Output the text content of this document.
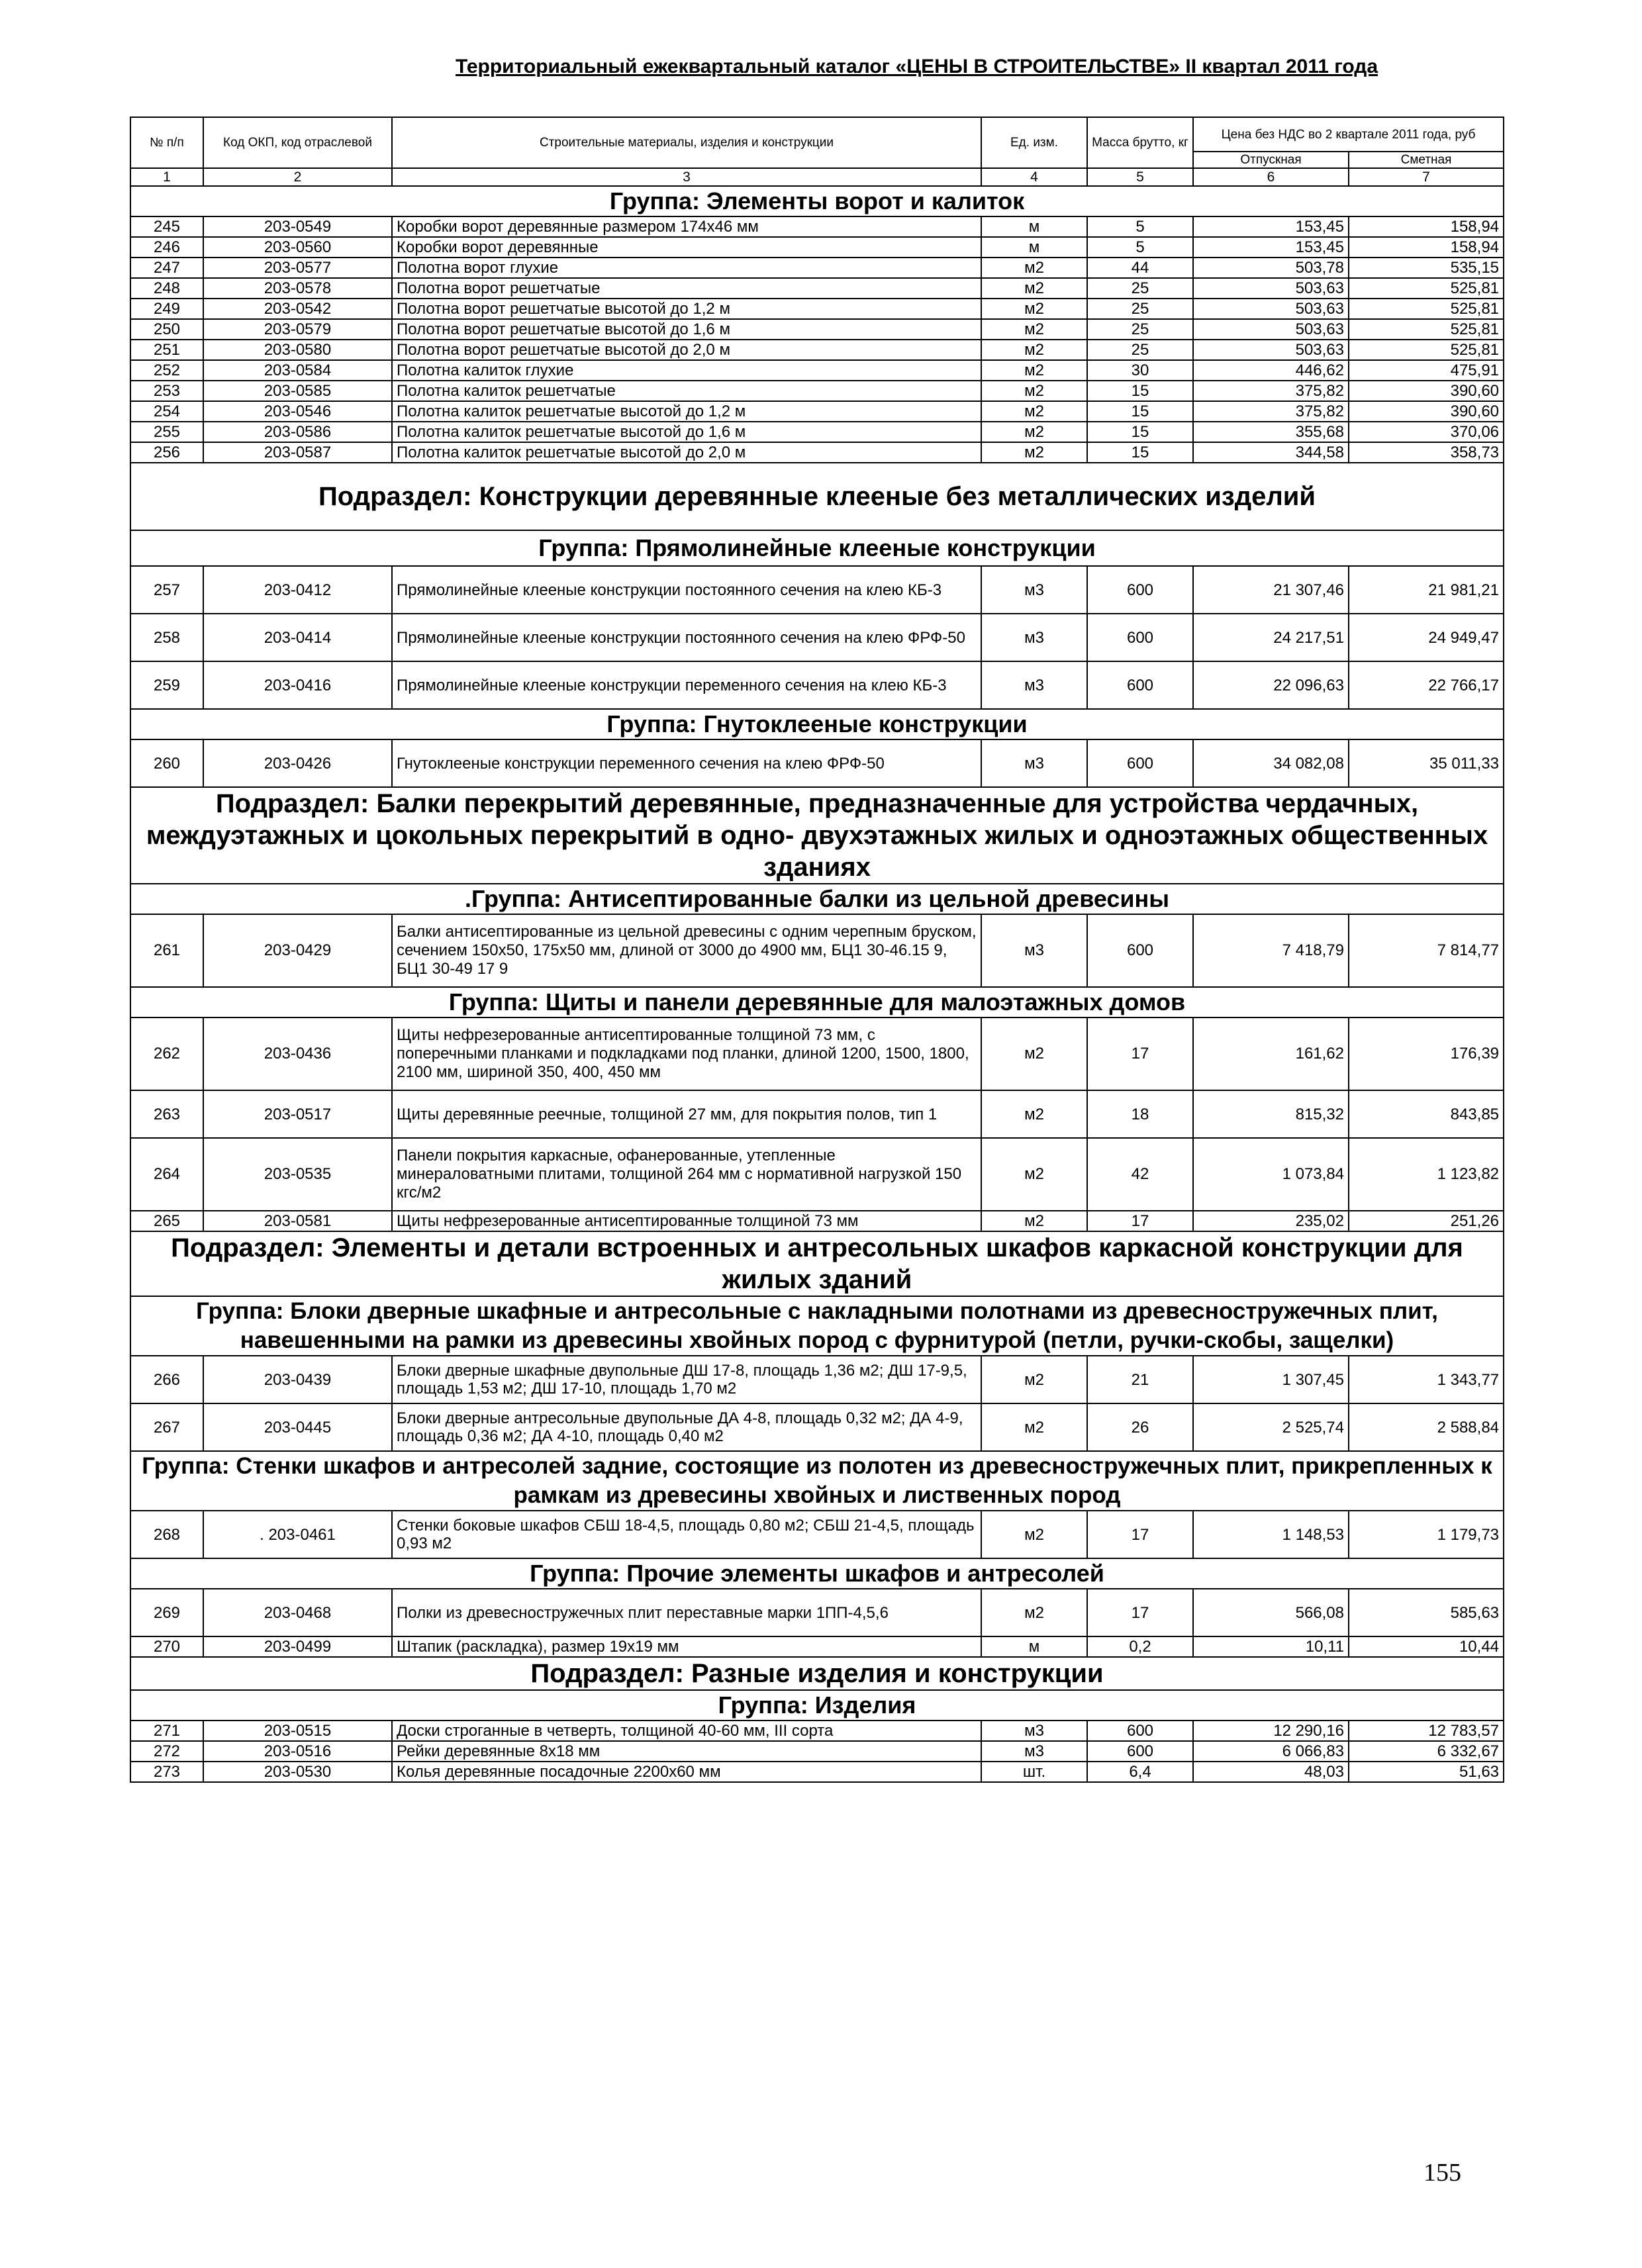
Территориальный ежеквартальный каталог «ЦЕНЫ В СТРОИТЕЛЬСТВЕ» II квартал 2011 года
№ п/п	Код ОКП, код отраслевой	Строительные материалы, изделия и конструкции	Ед. изм.	Масса брутто, кг	Цена без НДС во 2 квартале 2011 года, руб	
					Отпускная	Сметная
1	2	3	4	5	6	7
Группа: Элементы ворот и калиток						
245	203-0549	Коробки ворот деревянные размером 174х46 мм	м	5	153,45	158,94
246	203-0560	Коробки ворот деревянные	м	5	153,45	158,94
247	203-0577	Полотна ворот глухие	м2	44	503,78	535,15
248	203-0578	Полотна ворот решетчатые	м2	25	503,63	525,81
249	203-0542	Полотна ворот решетчатые высотой до 1,2 м	м2	25	503,63	525,81
250	203-0579	Полотна ворот решетчатые высотой до 1,6 м	м2	25	503,63	525,81
251	203-0580	Полотна ворот решетчатые высотой до 2,0 м	м2	25	503,63	525,81
252	203-0584	Полотна калиток глухие	м2	30	446,62	475,91
253	203-0585	Полотна калиток решетчатые	м2	15	375,82	390,60
254	203-0546	Полотна калиток решетчатые высотой до 1,2 м	м2	15	375,82	390,60
255	203-0586	Полотна калиток решетчатые высотой до 1,6 м	м2	15	355,68	370,06
256	203-0587	Полотна калиток решетчатые высотой до 2,0 м	м2	15	344,58	358,73
Подраздел: Конструкции деревянные клееные без металлических изделий						
Группа: Прямолинейные клееные конструкции						
257	203-0412	Прямолинейные клееные конструкции постоянного сечения на клею КБ-3	м3	600	21 307,46	21 981,21
258	203-0414	Прямолинейные клееные конструкции постоянного сечения на клею ФРФ-50	м3	600	24 217,51	24 949,47
259	203-0416	Прямолинейные клееные конструкции переменного сечения на клею КБ-3	м3	600	22 096,63	22 766,17
Группа: Гнутоклееные конструкции						
260	203-0426	Гнутоклееные конструкции переменного сечения на клею ФРФ-50	м3	600	34 082,08	35 011,33
Подраздел: Балки перекрытий деревянные, предназначенные для устройства чердачных, междуэтажных и цокольных перекрытий в одно- двухэтажных жилых и одноэтажных общественных зданиях						
.Группа: Антисептированные балки из цельной древесины						
261	203-0429	Балки антисептированные из цельной древесины с одним черепным бруском, сечением 150х50, 175х50 мм, длиной от 3000 до 4900 мм, БЦ1 30-46.15 9, БЦ1 30-49 17 9	м3	600	7 418,79	7 814,77
Группа: Щиты и панели деревянные для малоэтажных домов						
262	203-0436	Щиты нефрезерованные антисептированные толщиной 73 мм, с поперечными планками и подкладками под планки, длиной 1200, 1500, 1800, 2100 мм, шириной 350, 400, 450 мм	м2	17	161,62	176,39
263	203-0517	Щиты деревянные реечные, толщиной 27 мм, для покрытия полов, тип 1	м2	18	815,32	843,85
264	203-0535	Панели покрытия каркасные, офанерованные, утепленные минераловатными плитами, толщиной 264 мм с нормативной нагрузкой 150 кгс/м2	м2	42	1 073,84	1 123,82
265	203-0581	Щиты нефрезерованные антисептированные толщиной 73 мм	м2	17	235,02	251,26
Подраздел: Элементы и детали встроенных и антресольных шкафов каркасной конструкции для жилых зданий						
Группа: Блоки дверные шкафные и антресольные с накладными полотнами из древесностружечных плит, навешенными на рамки из древесины хвойных пород с фурнитурой (петли, ручки-скобы, защелки)						
266	203-0439	Блоки дверные шкафные двупольные ДШ 17-8, площадь 1,36 м2; ДШ 17-9,5, площадь 1,53 м2; ДШ 17-10, площадь 1,70 м2	м2	21	1 307,45	1 343,77
267	203-0445	Блоки дверные антресольные двупольные ДА 4-8, площадь 0,32 м2; ДА 4-9, площадь 0,36 м2; ДА 4-10, площадь 0,40 м2	м2	26	2 525,74	2 588,84
Группа: Стенки шкафов и антресолей задние, состоящие из полотен из древесностружечных плит, прикрепленных к рамкам из древесины хвойных и лиственных пород						
268	. 203-0461	Стенки боковые шкафов СБШ 18-4,5, площадь 0,80 м2; СБШ 21-4,5, площадь 0,93 м2	м2	17	1 148,53	1 179,73
Группа: Прочие элементы шкафов и антресолей						
269	203-0468	Полки из древесностружечных плит переставные марки 1ПП-4,5,6	м2	17	566,08	585,63
270	203-0499	Штапик (раскладка), размер 19х19 мм	м	0,2	10,11	10,44
Подраздел: Разные изделия и конструкции						
Группа: Изделия						
271	203-0515	Доски строганные в четверть, толщиной 40-60 мм, III сорта	м3	600	12 290,16	12 783,57
272	203-0516	Рейки деревянные 8х18 мм	м3	600	6 066,83	6 332,67
273	203-0530	Колья деревянные посадочные 2200х60 мм	шт.	6,4	48,03	51,63
155
